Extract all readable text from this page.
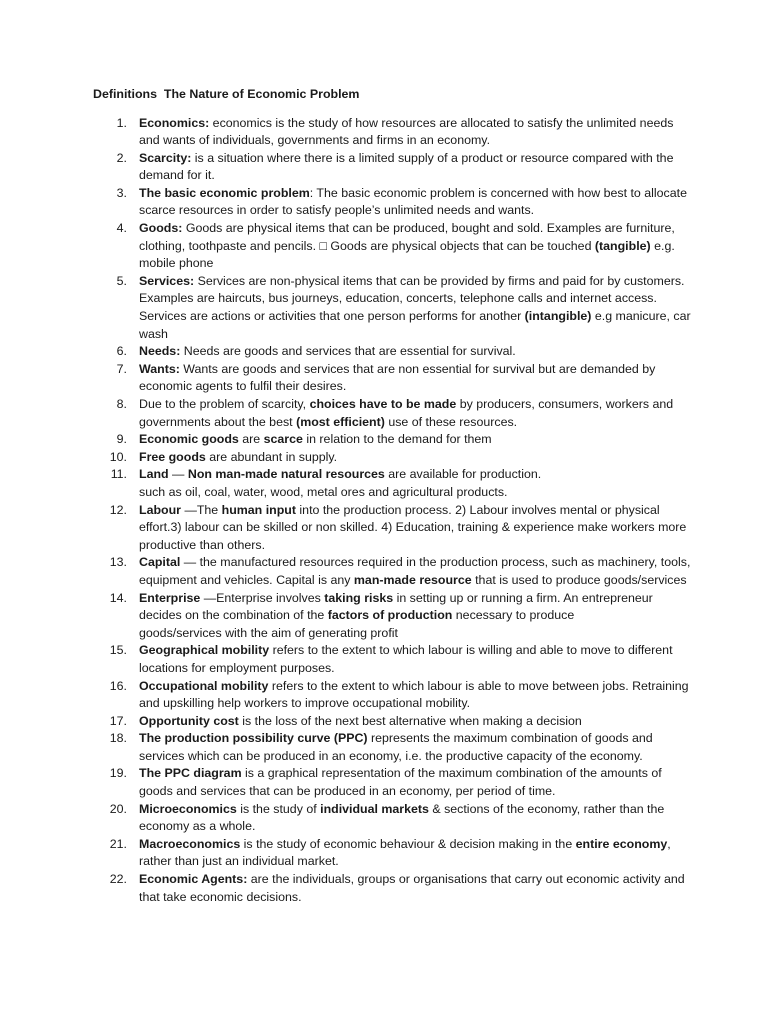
Definitions  The Nature of Economic Problem
1. Economics: economics is the study of how resources are allocated to satisfy the unlimited needs and wants of individuals, governments and firms in an economy.
2. Scarcity: is a situation where there is a limited supply of a product or resource compared with the demand for it.
3. The basic economic problem: The basic economic problem is concerned with how best to allocate scarce resources in order to satisfy people’s unlimited needs and wants.
4. Goods: Goods are physical items that can be produced, bought and sold. Examples are furniture, clothing, toothpaste and pencils. □ Goods are physical objects that can be touched (tangible) e.g. mobile phone
5. Services: Services are non-physical items that can be provided by firms and paid for by customers. Examples are haircuts, bus journeys, education, concerts, telephone calls and internet access. Services are actions or activities that one person performs for another (intangible) e.g manicure, car wash
6. Needs: Needs are goods and services that are essential for survival.
7. Wants: Wants are goods and services that are non essential for survival but are demanded by economic agents to fulfil their desires.
8. Due to the problem of scarcity, choices have to be made by producers, consumers, workers and governments about the best (most efficient) use of these resources.
9. Economic goods are scarce in relation to the demand for them
10. Free goods are abundant in supply.
11. Land — Non man-made natural resources are available for production.
such as oil, coal, water, wood, metal ores and agricultural products.
12. Labour —The human input into the production process. 2) Labour involves mental or physical effort.3) labour can be skilled or non skilled. 4) Education, training & experience make workers more productive than others.
13. Capital — the manufactured resources required in the production process, such as machinery, tools, equipment and vehicles. Capital is any man-made resource that is used to produce goods/services
14. Enterprise —Enterprise involves taking risks in setting up or running a firm. An entrepreneur decides on the combination of the factors of production necessary to produce
goods/services with the aim of generating profit
15. Geographical mobility refers to the extent to which labour is willing and able to move to different locations for employment purposes.
16. Occupational mobility refers to the extent to which labour is able to move between jobs. Retraining and upskilling help workers to improve occupational mobility.
17. Opportunity cost is the loss of the next best alternative when making a decision
18. The production possibility curve (PPC) represents the maximum combination of goods and services which can be produced in an economy, i.e. the productive capacity of the economy.
19. The PPC diagram is a graphical representation of the maximum combination of the amounts of goods and services that can be produced in an economy, per period of time.
20. Microeconomics is the study of individual markets & sections of the economy, rather than the economy as a whole.
21. Macroeconomics is the study of economic behaviour & decision making in the entire economy, rather than just an individual market.
22. Economic Agents: are the individuals, groups or organisations that carry out economic activity and that take economic decisions.
